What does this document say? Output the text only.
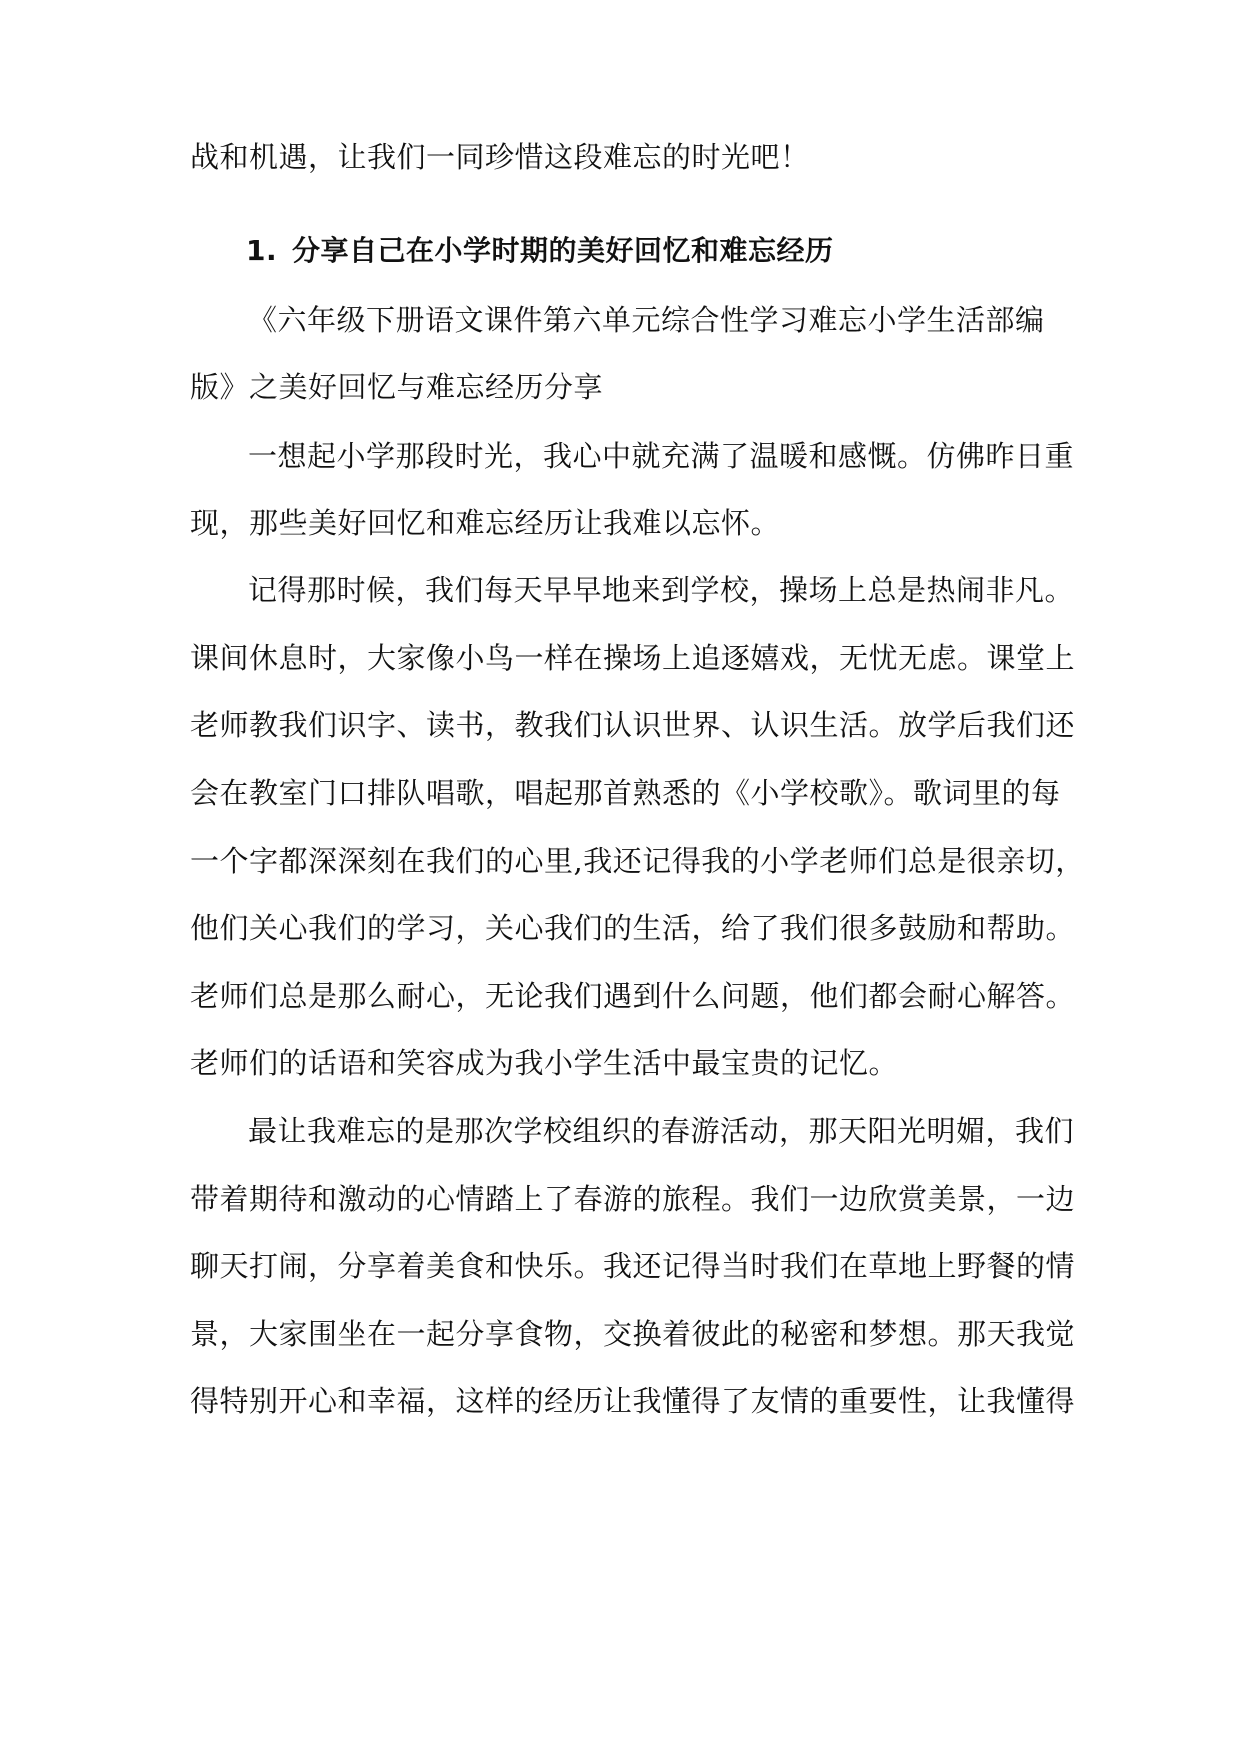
战和机遇，让我们一同珍惜这段难忘的时光吧！
1. 分享自己在小学时期的美好回忆和难忘经历
《六年级下册语文课件第六单元综合性学习难忘小学生活部编
版》之美好回忆与难忘经历分享
一想起小学那段时光，我心中就充满了温暖和感慨。仿佛昨日重
现，那些美好回忆和难忘经历让我难以忘怀。
记得那时候，我们每天早早地来到学校，操场上总是热闹非凡。
课间休息时，大家像小鸟一样在操场上追逐嬉戏，无忧无虑。课堂上
老师教我们识字、读书，教我们认识世界、认识生活。放学后我们还
会在教室门口排队唱歌，唱起那首熟悉的《小学校歌》。歌词里的每
一个字都深深刻在我们的心里,我还记得我的小学老师们总是很亲切，
他们关心我们的学习，关心我们的生活，给了我们很多鼓励和帮助。
老师们总是那么耐心，无论我们遇到什么问题，他们都会耐心解答。
老师们的话语和笑容成为我小学生活中最宝贵的记忆。
最让我难忘的是那次学校组织的春游活动，那天阳光明媚，我们
带着期待和激动的心情踏上了春游的旅程。我们一边欣赏美景，一边
聊天打闹，分享着美食和快乐。我还记得当时我们在草地上野餐的情
景，大家围坐在一起分享食物，交换着彼此的秘密和梦想。那天我觉
得特别开心和幸福，这样的经历让我懂得了友情的重要性，让我懂得
